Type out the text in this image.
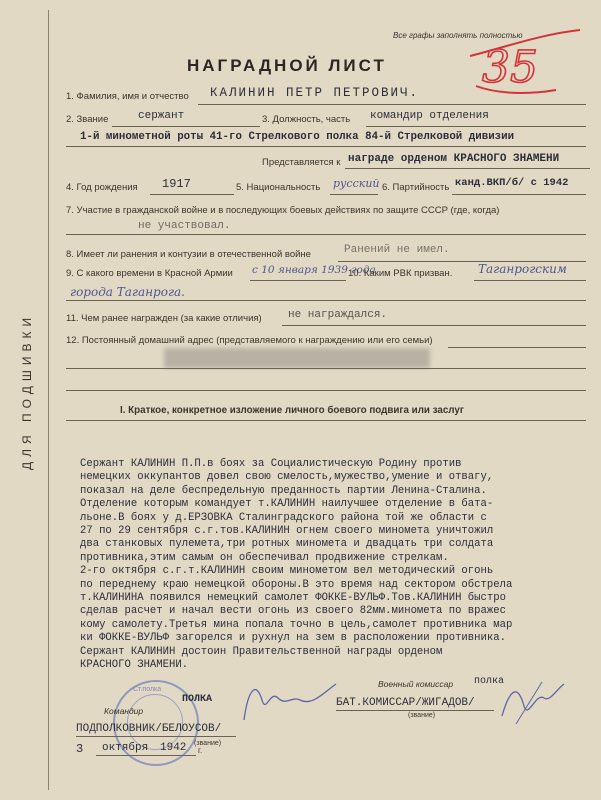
Все графы заполнять полностью
35
НАГРАДНОЙ ЛИСТ
1. Фамилия, имя и отчество КАЛИНИН ПЕТР ПЕТРОВИЧ.
2. Звание	сержант	3. Должность, часть командир отделения
1-й минометной роты 41-го Стрелкового полка 84-й Стрелковой дивизии
Представляется к награде орденом КРАСНОГО ЗНАМЕНИ
4. Год рождения 1917	5. Национальность русский 6. Партийность канд.ВКП/б/ с 1942
7. Участие в гражданской войне и в последующих боевых действиях по защите СССР (где, когда)
не участвовал.
8. Имеет ли ранения и контузии в отечественной войне	Ранений не имел.
9. С какого времени в Красной Армии с 10 января 1939 года
10. Каким РВК призван. Таганрогским
города Таганрога.
11. Чем ранее награжден (за какие отличия) не награждался.
12. Постоянный домашний адрес (представляемого к награждению или его семьи)
I. Краткое, конкретное изложение личного боевого подвига или заслуг
ДЛЯ ПОДШИВКИ	Сержант КАЛИНИН П.П.в боях за Социалистическую Родину против

немецких оккупантов довел свою смелость,мужество,умение и отвагу,

показал на деле беспредельную преданность партии Ленина-Сталина.

Отделение которым командует т.КАЛИНИН наилучшее отделение в бата-

льоне.В боях у д.ЕРЗОВКА Сталинградского района той же области с

27 по 29 сентября с.г.тов.КАЛИНИН огнем своего миномета уничтожил

два станковых пулемета,три ротных миномета и двадцать три солдата

противника,этим самым он обеспечивал продвижение стрелкам.

2-го октября с.г.т.КАЛИНИН своим минометом вел методический огонь

по переднему краю немецкой обороны.В это время над сектором обстрела

т.КАЛИНИНА появился немецкий самолет ФОККЕ-ВУЛЬФ.Тов.КАЛИНИН быстро

сделав расчет и начал вести огонь из своего 82мм.миномета по вражес

кому самолету.Третья мина попала точно в цель,самолет противника мар

ки ФОККЕ-ВУЛЬФ загорелся и рухнул на зем в расположении противника.

Сержант КАЛИНИН достоин Правительственной награды орденом

КРАСНОГО ЗНАМЕНИ.

Ст.полка
Командир
ПОЛКА
ПОДПОЛКОВНИК/БЕЛОУСОВ/
(звание)
Военный комиссар полка
БАТ.КОМИССАР/ЖИГАДОВ/
(звание)
3 октября 1942 г.
